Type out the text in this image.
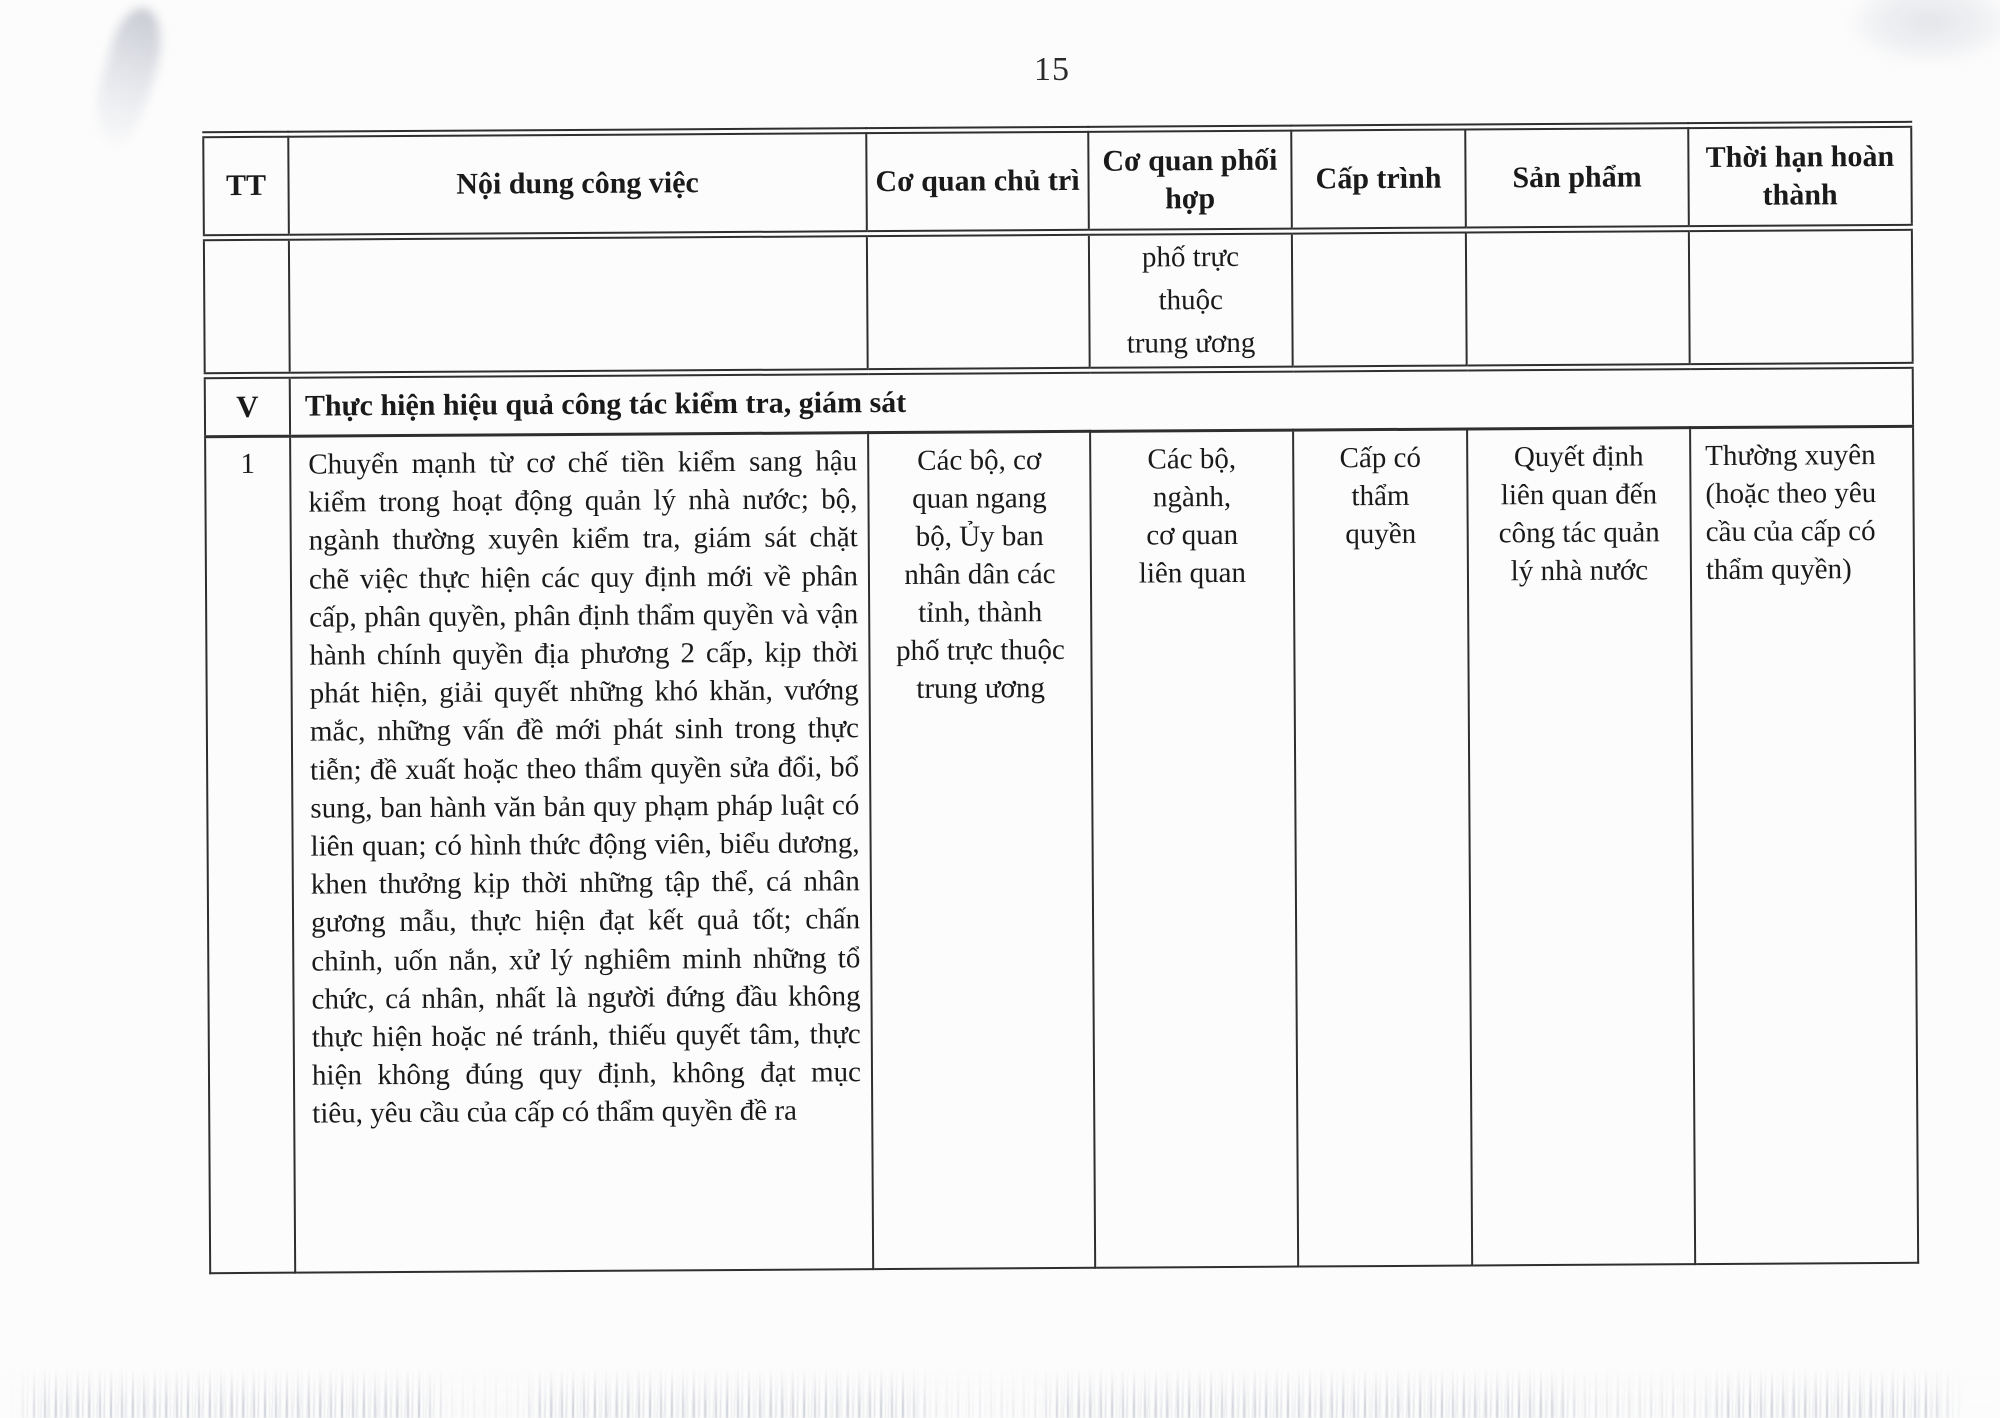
15
TT	Nội dung công việc	Cơ quan chủ trì	Cơ quan phối hợp	Cấp trình	Sản phẩm	Thời hạn hoàn thành
			phố trực
thuộc
trung ương			
V	Thực hiện hiệu quả công tác kiểm tra, giám sát					
1	Chuyển mạnh từ cơ chế tiền kiểm sang hậu kiểm trong hoạt động quản lý nhà nước; bộ, ngành thường xuyên kiểm tra, giám sát chặt chẽ việc thực hiện các quy định mới về phân cấp, phân quyền, phân định thẩm quyền và vận hành chính quyền địa phương 2 cấp, kịp thời phát hiện, giải quyết những khó khăn, vướng mắc, những vấn đề mới phát sinh trong thực tiễn; đề xuất hoặc theo thẩm quyền sửa đổi, bổ sung, ban hành văn bản quy phạm pháp luật có liên quan; có hình thức động viên, biểu dương, khen thưởng kịp thời những tập thể, cá nhân gương mẫu, thực hiện đạt kết quả tốt; chấn chỉnh, uốn nắn, xử lý nghiêm minh những tổ chức, cá nhân, nhất là người đứng đầu không thực hiện hoặc né tránh, thiếu quyết tâm, thực hiện không đúng quy định, không đạt mục tiêu, yêu cầu của cấp có thẩm quyền đề ra	Các bộ, cơ
quan ngang
bộ, Ủy ban
nhân dân các
tỉnh, thành
phố trực thuộc
trung ương	Các bộ,
ngành,
cơ quan
liên quan	Cấp có
thẩm
quyền	Quyết định
liên quan đến
công tác quản
lý nhà nước	Thường xuyên
(hoặc theo yêu
cầu của cấp có
thẩm quyền)
